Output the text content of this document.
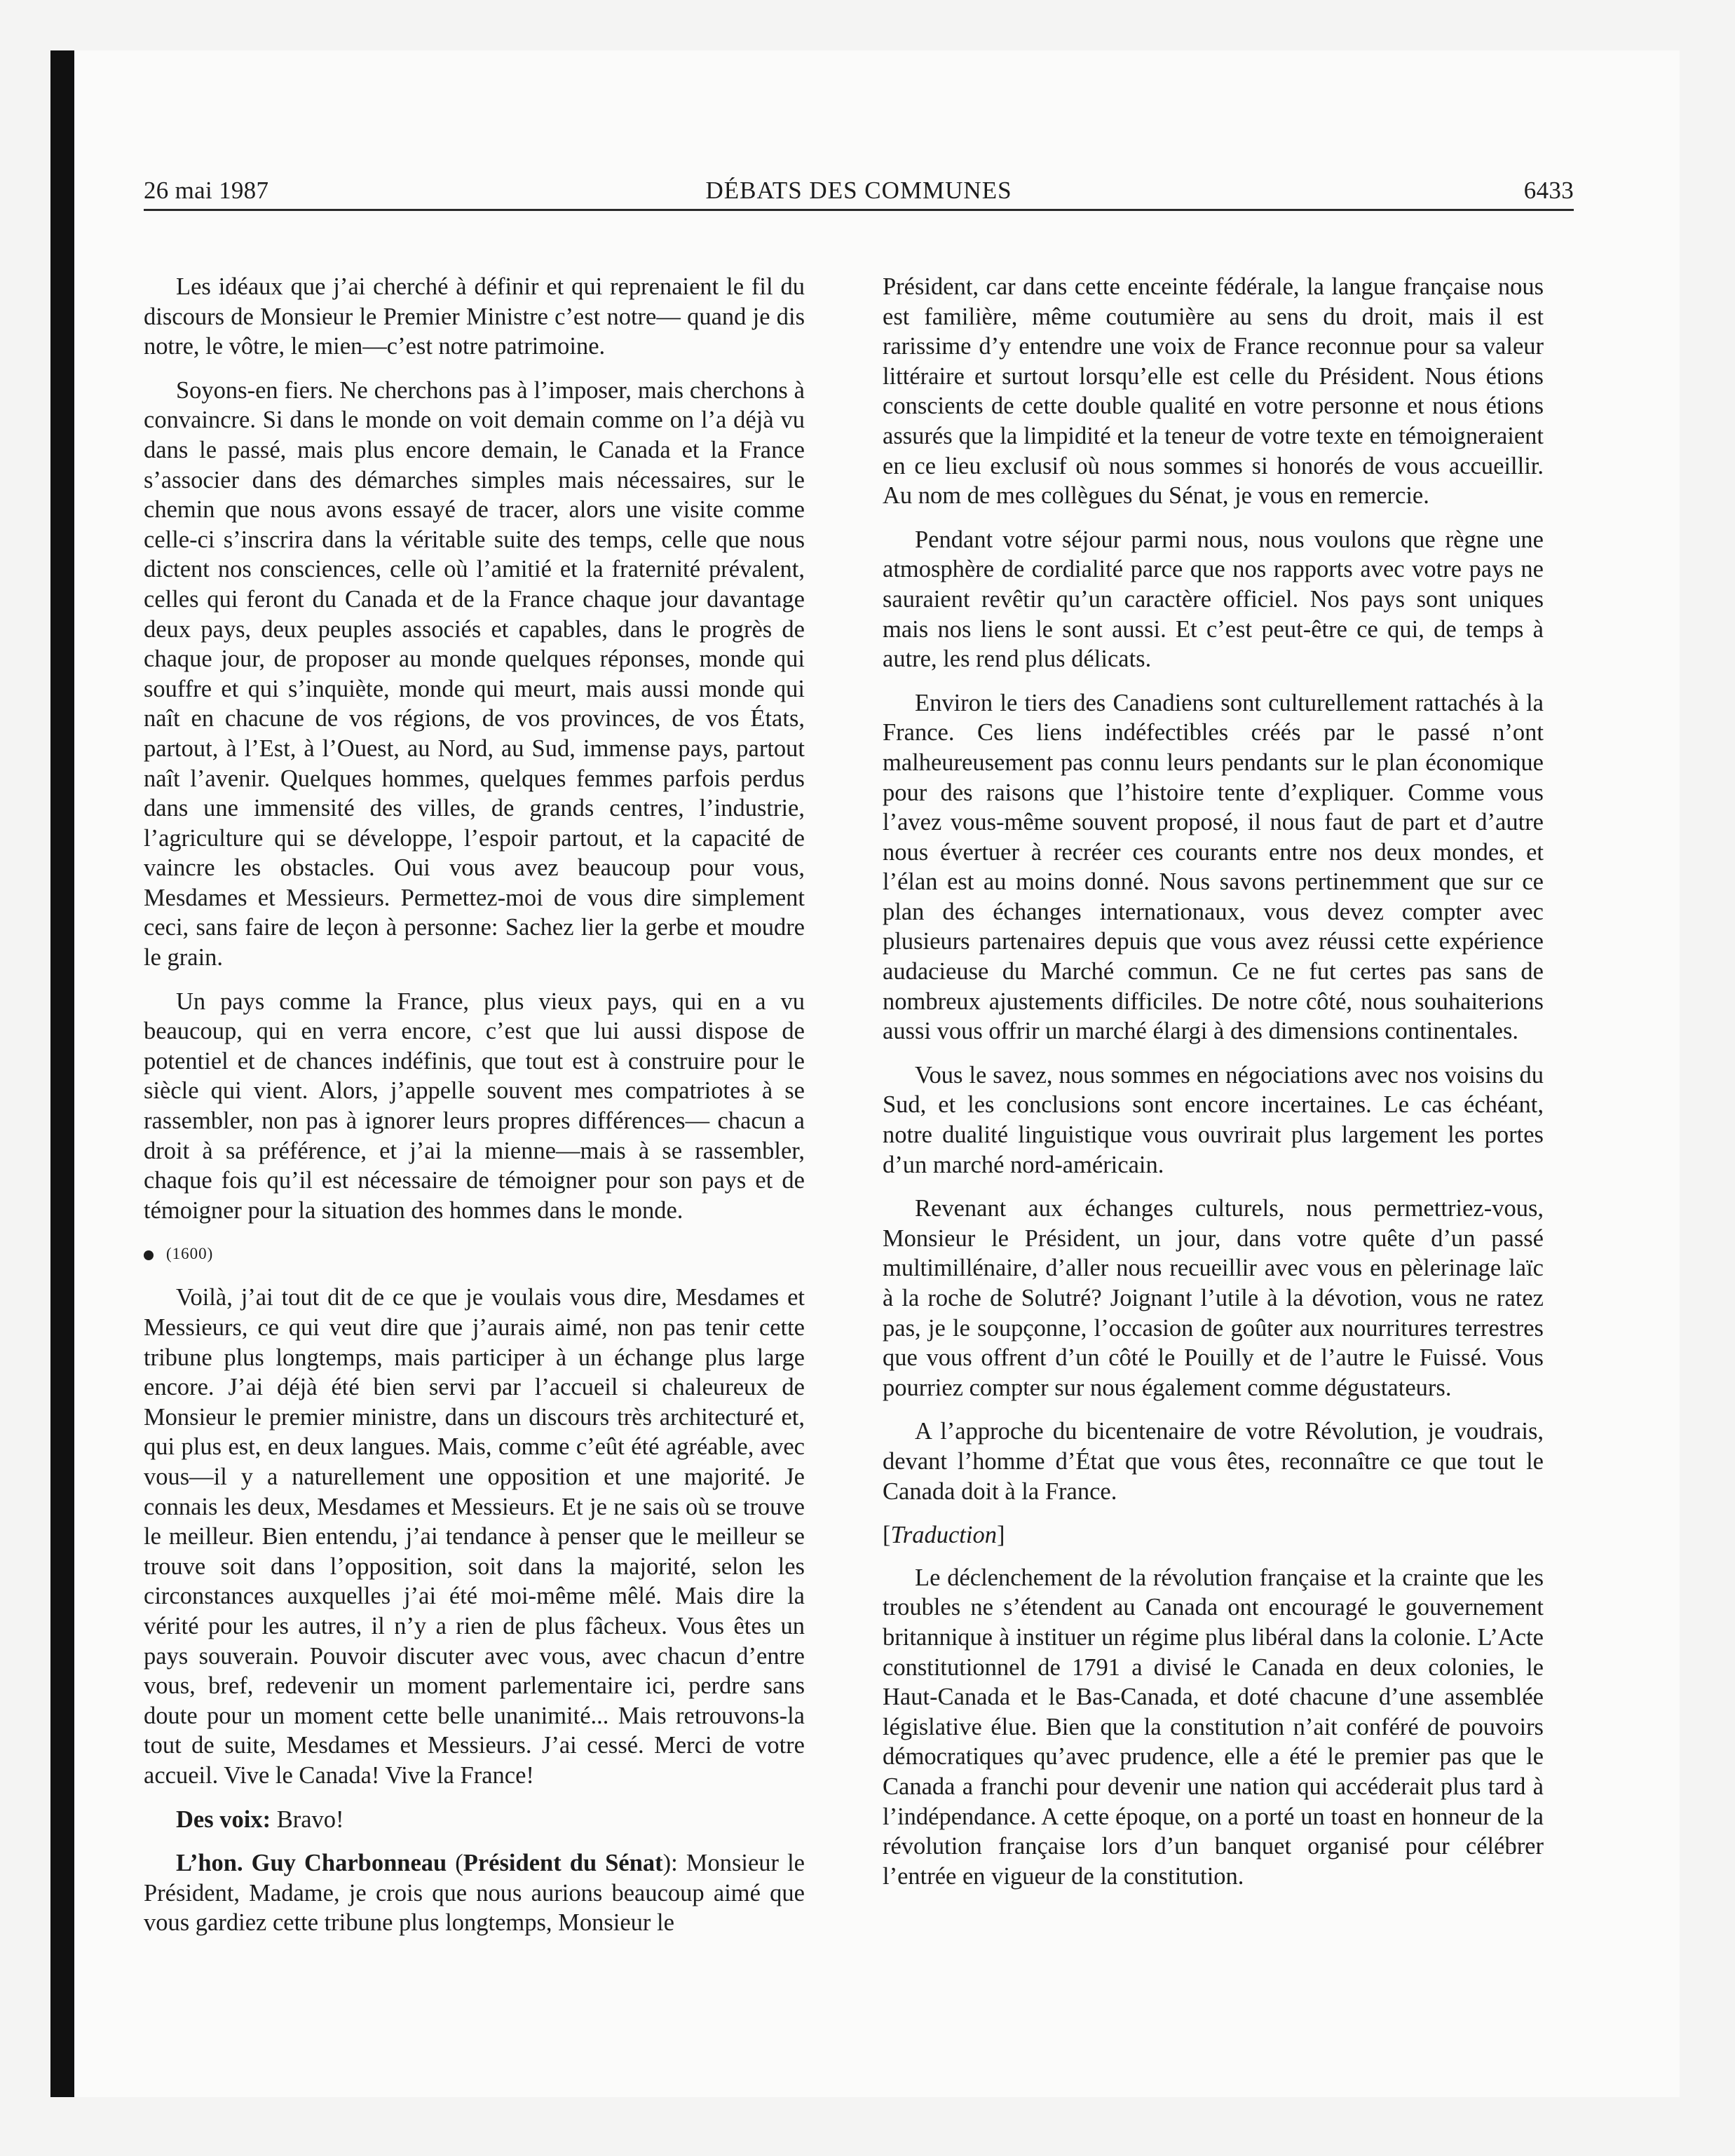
26 mai 1987	DÉBATS DES COMMUNES	6433

Les idéaux que j’ai cherché à définir et qui reprenaient le fil du discours de Monsieur le Premier Ministre c’est notre— quand je dis notre, le vôtre, le mien—c’est notre patrimoine.

Soyons-en fiers. Ne cherchons pas à l’imposer, mais cherchons à convaincre. Si dans le monde on voit demain comme on l’a déjà vu dans le passé, mais plus encore demain, le Canada et la France s’associer dans des démarches simples mais nécessaires, sur le chemin que nous avons essayé de tracer, alors une visite comme celle-ci s’inscrira dans la véritable suite des temps, celle que nous dictent nos consciences, celle où l’amitié et la fraternité prévalent, celles qui feront du Canada et de la France chaque jour davantage deux pays, deux peuples associés et capables, dans le progrès de chaque jour, de proposer au monde quelques réponses, monde qui souffre et qui s’inquiète, monde qui meurt, mais aussi monde qui naît en chacune de vos régions, de vos provinces, de vos États, partout, à l’Est, à l’Ouest, au Nord, au Sud, immense pays, partout naît l’avenir. Quelques hommes, quelques femmes parfois perdus dans une immensité des villes, de grands centres, l’industrie, l’agriculture qui se développe, l’espoir partout, et la capacité de vaincre les obstacles. Oui vous avez beaucoup pour vous, Mesdames et Messieurs. Permettez-moi de vous dire simplement ceci, sans faire de leçon à personne: Sachez lier la gerbe et moudre le grain.

Un pays comme la France, plus vieux pays, qui en a vu beaucoup, qui en verra encore, c’est que lui aussi dispose de potentiel et de chances indéfinis, que tout est à construire pour le siècle qui vient. Alors, j’appelle souvent mes compatriotes à se rassembler, non pas à ignorer leurs propres différences— chacun a droit à sa préférence, et j’ai la mienne—mais à se rassembler, chaque fois qu’il est nécessaire de témoigner pour son pays et de témoigner pour la situation des hommes dans le monde.

(1600)

Voilà, j’ai tout dit de ce que je voulais vous dire, Mesdames et Messieurs, ce qui veut dire que j’aurais aimé, non pas tenir cette tribune plus longtemps, mais participer à un échange plus large encore. J’ai déjà été bien servi par l’accueil si chaleureux de Monsieur le premier ministre, dans un discours très architecturé et, qui plus est, en deux langues. Mais, comme c’eût été agréable, avec vous—il y a naturellement une opposition et une majorité. Je connais les deux, Mesdames et Messieurs. Et je ne sais où se trouve le meilleur. Bien entendu, j’ai tendance à penser que le meilleur se trouve soit dans l’opposition, soit dans la majorité, selon les circonstances auxquelles j’ai été moi-même mêlé. Mais dire la vérité pour les autres, il n’y a rien de plus fâcheux. Vous êtes un pays souverain. Pouvoir discuter avec vous, avec chacun d’entre vous, bref, redevenir un moment parlementaire ici, perdre sans doute pour un moment cette belle unanimité... Mais retrouvons-la tout de suite, Mesdames et Messieurs. J’ai cessé. Merci de votre accueil. Vive le Canada! Vive la France!

Des voix: Bravo!

L’hon. Guy Charbonneau (Président du Sénat): Monsieur le Président, Madame, je crois que nous aurions beaucoup aimé que vous gardiez cette tribune plus longtemps, Monsieur le

Président, car dans cette enceinte fédérale, la langue française nous est familière, même coutumière au sens du droit, mais il est rarissime d’y entendre une voix de France reconnue pour sa valeur littéraire et surtout lorsqu’elle est celle du Président. Nous étions conscients de cette double qualité en votre personne et nous étions assurés que la limpidité et la teneur de votre texte en témoigneraient en ce lieu exclusif où nous sommes si honorés de vous accueillir. Au nom de mes collègues du Sénat, je vous en remercie.

Pendant votre séjour parmi nous, nous voulons que règne une atmosphère de cordialité parce que nos rapports avec votre pays ne sauraient revêtir qu’un caractère officiel. Nos pays sont uniques mais nos liens le sont aussi. Et c’est peut-être ce qui, de temps à autre, les rend plus délicats.

Environ le tiers des Canadiens sont culturellement rattachés à la France. Ces liens indéfectibles créés par le passé n’ont malheureusement pas connu leurs pendants sur le plan économique pour des raisons que l’histoire tente d’expliquer. Comme vous l’avez vous-même souvent proposé, il nous faut de part et d’autre nous évertuer à recréer ces courants entre nos deux mondes, et l’élan est au moins donné. Nous savons pertinemment que sur ce plan des échanges internationaux, vous devez compter avec plusieurs partenaires depuis que vous avez réussi cette expérience audacieuse du Marché commun. Ce ne fut certes pas sans de nombreux ajustements difficiles. De notre côté, nous souhaiterions aussi vous offrir un marché élargi à des dimensions continentales.

Vous le savez, nous sommes en négociations avec nos voisins du Sud, et les conclusions sont encore incertaines. Le cas échéant, notre dualité linguistique vous ouvrirait plus largement les portes d’un marché nord-américain.

Revenant aux échanges culturels, nous permettriez-vous, Monsieur le Président, un jour, dans votre quête d’un passé multimillénaire, d’aller nous recueillir avec vous en pèlerinage laïc à la roche de Solutré? Joignant l’utile à la dévotion, vous ne ratez pas, je le soupçonne, l’occasion de goûter aux nourritures terrestres que vous offrent d’un côté le Pouilly et de l’autre le Fuissé. Vous pourriez compter sur nous également comme dégustateurs.

A l’approche du bicentenaire de votre Révolution, je voudrais, devant l’homme d’État que vous êtes, reconnaître ce que tout le Canada doit à la France.

[Traduction]

Le déclenchement de la révolution française et la crainte que les troubles ne s’étendent au Canada ont encouragé le gouvernement britannique à instituer un régime plus libéral dans la colonie. L’Acte constitutionnel de 1791 a divisé le Canada en deux colonies, le Haut-Canada et le Bas-Canada, et doté chacune d’une assemblée législative élue. Bien que la constitution n’ait conféré de pouvoirs démocratiques qu’avec prudence, elle a été le premier pas que le Canada a franchi pour devenir une nation qui accéderait plus tard à l’indépendance. A cette époque, on a porté un toast en honneur de la révolution française lors d’un banquet organisé pour célébrer l’entrée en vigueur de la constitution.
